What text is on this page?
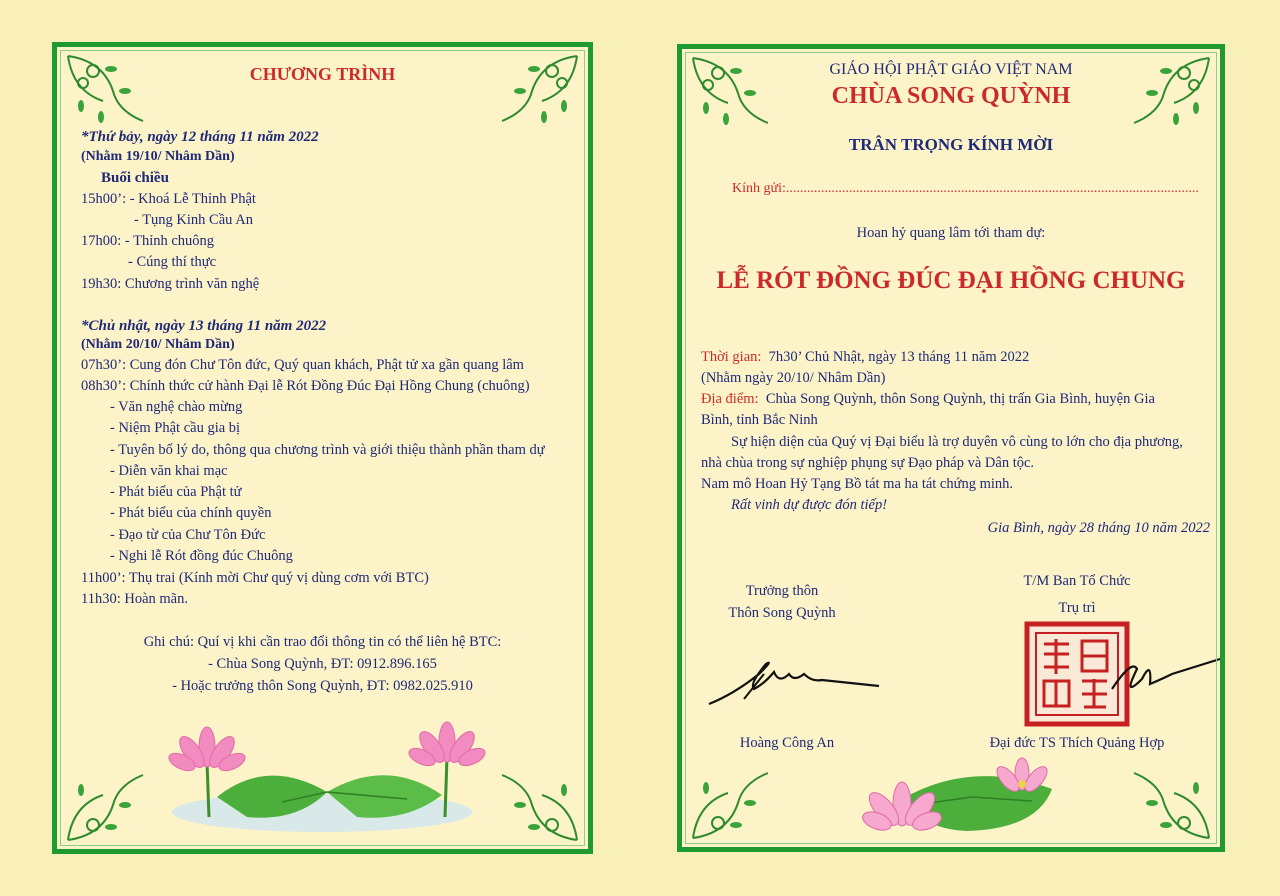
CHƯƠNG TRÌNH
*Thứ bảy, ngày 12 tháng 11 năm 2022
(Nhằm 19/10/ Nhâm Dần)
Buổi chiều
15h00’: - Khoá Lễ Thỉnh Phật
- Tụng Kinh Cầu An
17h00: - Thỉnh chuông
- Cúng thí thực
19h30: Chương trình văn nghệ
*Chủ nhật, ngày 13 tháng 11 năm 2022
(Nhằm 20/10/ Nhâm Dần)
07h30’: Cung đón Chư Tôn đức, Quý quan khách, Phật tử xa gần quang lâm
08h30’: Chính thức cử hành Đại lễ Rót Đồng Đúc Đại Hồng Chung (chuông)
- Văn nghệ chào mừng
- Niệm Phật cầu gia bị
- Tuyên bố lý do, thông qua chương trình và giới thiệu thành phần tham dự
- Diễn văn khai mạc
- Phát biểu của Phật tử
- Phát biểu của chính quyền
- Đạo từ của Chư Tôn Đức
- Nghi lễ Rót đồng đúc Chuông
11h00’: Thụ trai (Kính mời Chư quý vị dùng cơm với BTC)
11h30: Hoàn mãn.
Ghi chú: Quí vị khi cần trao đổi thông tin có thể liên hệ BTC:
- Chùa Song Quỳnh, ĐT: 0912.896.165
- Hoặc trưởng thôn Song Quỳnh, ĐT: 0982.025.910
GIÁO HỘI PHẬT GIÁO VIỆT NAM
CHÙA SONG QUỲNH
TRÂN TRỌNG KÍNH MỜI
Kính gửi:......................................................................................................................
Hoan hỷ quang lâm tới tham dự:
LỄ RÓT ĐỒNG ĐÚC ĐẠI HỒNG CHUNG
Thời gian: 7h30’ Chủ Nhật, ngày 13 tháng 11 năm 2022
(Nhằm ngày 20/10/ Nhâm Dần)
Địa điểm: Chùa Song Quỳnh, thôn Song Quỳnh, thị trấn Gia Bình, huyện Gia
Bình, tỉnh Bắc Ninh
Sự hiện diện của Quý vị Đại biểu là trợ duyên vô cùng to lớn cho địa phương,
nhà chùa trong sự nghiệp phụng sự Đạo pháp và Dân tộc.
Nam mô Hoan Hỷ Tạng Bồ tát ma ha tát chứng minh.
Rất vinh dự được đón tiếp!
Gia Bình, ngày 28 tháng 10 năm 2022
Trưởng thôn
Thôn Song Quỳnh
T/M Ban Tổ Chức
Trụ trì
Hoàng Công An	Đại đức TS Thích Quảng Hợp
